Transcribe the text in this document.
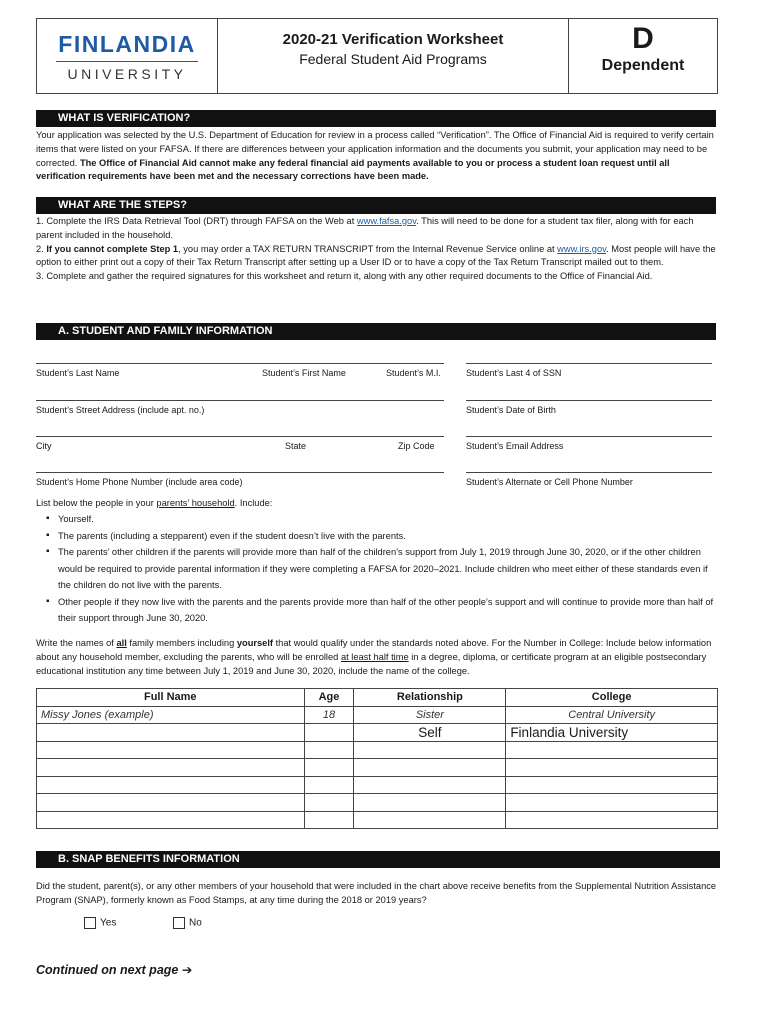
FINLANDIA
UNIVERSITY
2020-21 Verification Worksheet
Federal Student Aid Programs
D
Dependent
WHAT IS VERIFICATION?
Your application was selected by the U.S. Department of Education for review in a process called “Verification”. The Office of Financial Aid is required to verify certain items that were listed on your FAFSA. If there are differences between your application information and the documents you submit, your application may need to be corrected. The Office of Financial Aid cannot make any federal financial aid payments available to you or process a student loan request until all verification requirements have been met and the necessary corrections have been made.
WHAT ARE THE STEPS?
1. Complete the IRS Data Retrieval Tool (DRT) through FAFSA on the Web at www.fafsa.gov. This will need to be done for a student tax filer, along with for each parent included in the household.
2. If you cannot complete Step 1, you may order a TAX RETURN TRANSCRIPT from the Internal Revenue Service online at www.irs.gov. Most people will have the option to either print out a copy of their Tax Return Transcript after setting up a User ID or to have a copy of the Tax Return Transcript mailed out to them.
3. Complete and gather the required signatures for this worksheet and return it, along with any other required documents to the Office of Financial Aid.
A. STUDENT AND FAMILY INFORMATION
Student’s Last Name	Student’s First Name	Student’s M.I.	Student’s Last 4 of SSN
Student’s Street Address (include apt. no.)	Student’s Date of Birth
City	State	Zip Code	Student’s Email Address
Student’s Home Phone Number (include area code)	Student’s Alternate or Cell Phone Number
List below the people in your parents’ household. Include:
▪ Yourself.
▪ The parents (including a stepparent) even if the student doesn’t live with the parents.
▪ The parents’ other children if the parents will provide more than half of the children’s support from July 1, 2019 through June 30, 2020, or if the other children would be required to provide parental information if they were completing a FAFSA for 2020–2021. Include children who meet either of these standards even if the children do not live with the parents.
▪ Other people if they now live with the parents and the parents provide more than half of the other people’s support and will continue to provide more than half of their support through June 30, 2020.
Write the names of all family members including yourself that would qualify under the standards noted above. For the Number in College: Include below information about any household member, excluding the parents, who will be enrolled at least half time in a degree, diploma, or certificate program at an eligible postsecondary educational institution any time between July 1, 2019 and June 30, 2020, include the name of the college.
Full Name	Age	Relationship	College
Missy Jones (example)	18	Sister	Central University
		Self	Finlandia University

B. SNAP BENEFITS INFORMATION
Did the student, parent(s), or any other members of your household that were included in the chart above receive benefits from the Supplemental Nutrition Assistance Program (SNAP), formerly known as Food Stamps, at any time during the 2018 or 2019 years?
Yes	No
Continued on next page ➔
